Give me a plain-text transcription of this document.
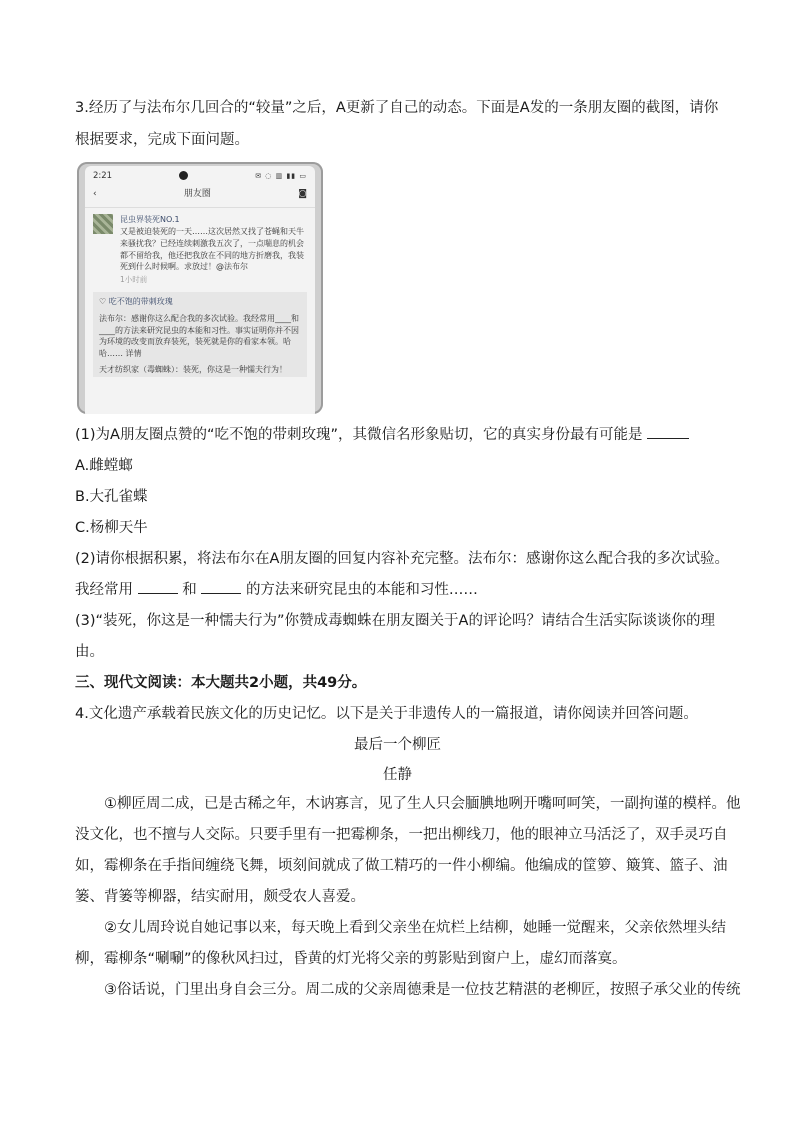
3.经历了与法布尔几回合的“较量”之后，A更新了自己的动态。下面是A发的一条朋友圈的截图，请你

根据要求，完成下面问题。

2:21	✉ ◌ ▥ ▮▮ ▭
‹	朋友圈	◙
昆虫界装死NO.1
又是被迫装死的一天……这次居然又找了苍蝇和天牛来骚扰我？已经连续刺激我五次了，一点喘息的机会都不留给我，他还把我放在不同的地方折磨我，我装死到什么时候啊。求放过！@法布尔
1小时前
♡ 吃不饱的带刺玫瑰
法布尔：感谢你这么配合我的多次试验。我经常用____和____的方法来研究昆虫的本能和习性。事实证明你并不因为环境的改变而放弃装死，装死就是你的看家本领。哈哈…… 详情
天才纺织家（毒蜘蛛）：装死，你这是一种懦夫行为！

(1)为A朋友圈点赞的“吃不饱的带刺玫瑰”，其微信名形象贴切，它的真实身份最有可能是

A.雌螳螂

B.大孔雀蝶

C.杨柳天牛

(2)请你根据积累，将法布尔在A朋友圈的回复内容补充完整。法布尔：感谢你这么配合我的多次试验。

我经常用	和	的方法来研究昆虫的本能和习性……

(3)“装死，你这是一种懦夫行为”你赞成毒蜘蛛在朋友圈关于A的评论吗？请结合生活实际谈谈你的理

由。

三、现代文阅读：本大题共2小题，共49分。

4.文化遗产承载着民族文化的历史记忆。以下是关于非遗传人的一篇报道，请你阅读并回答问题。

最后一个柳匠

任静

①柳匠周二成，已是古稀之年，木讷寡言，见了生人只会腼腆地咧开嘴呵呵笑，一副拘谨的模样。他

没文化，也不擅与人交际。只要手里有一把霉柳条，一把出柳线刀，他的眼神立马活泛了，双手灵巧自

如，霉柳条在手指间缠绕飞舞，顷刻间就成了做工精巧的一件小柳编。他编成的筐箩、簸箕、篮子、油

篓、背篓等柳器，结实耐用，颇受农人喜爱。

②女儿周玲说自她记事以来，每天晚上看到父亲坐在炕栏上结柳，她睡一觉醒来，父亲依然埋头结

柳，霉柳条“唰唰”的像秋风扫过，昏黄的灯光将父亲的剪影贴到窗户上，虚幻而落寞。

③俗话说，门里出身自会三分。周二成的父亲周德秉是一位技艺精湛的老柳匠，按照子承父业的传统
